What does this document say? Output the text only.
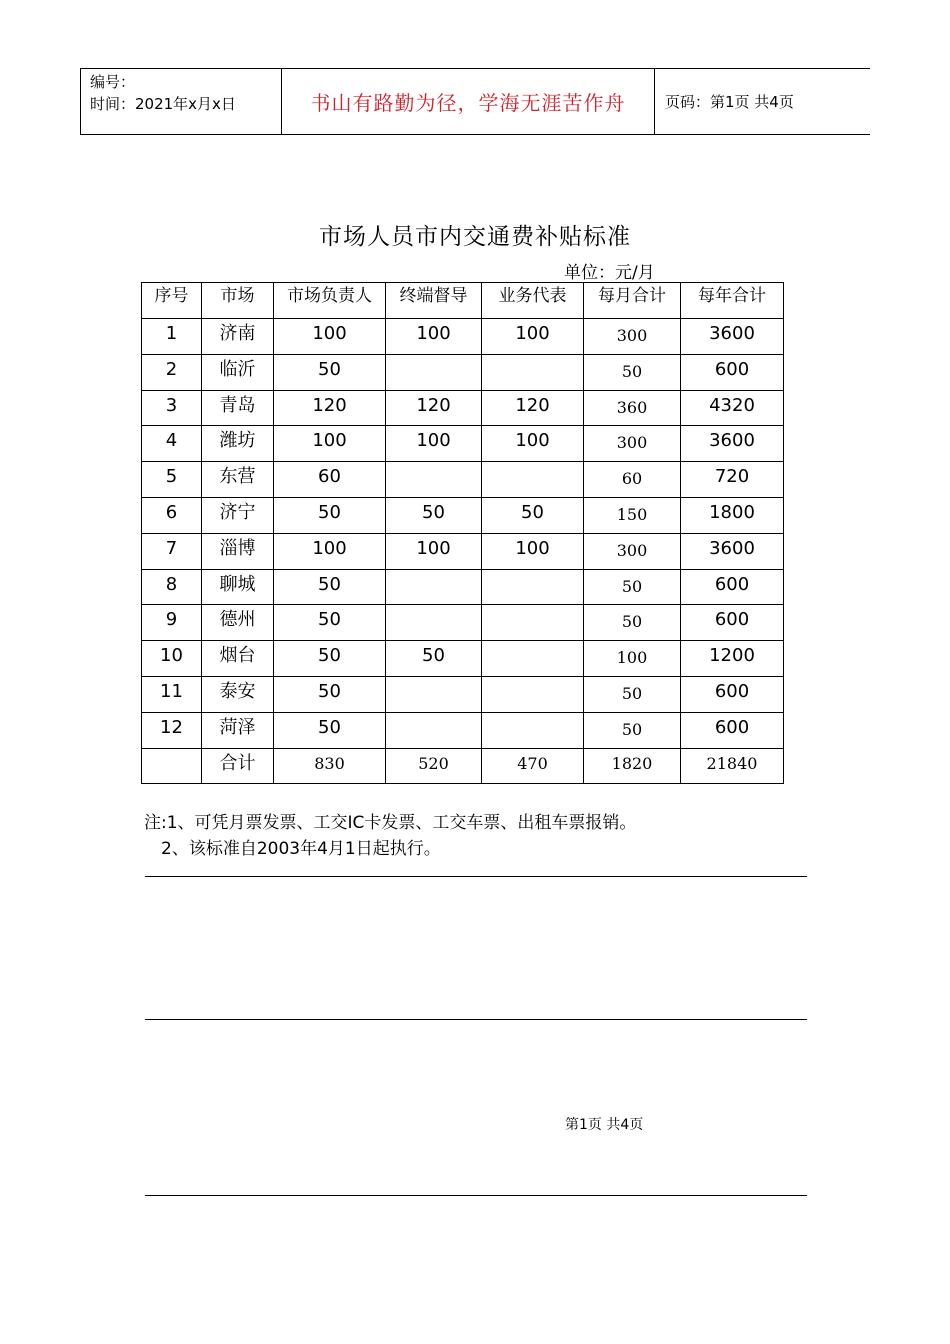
编号：
时间：2021年x月x日	书山有路勤为径，学海无涯苦作舟	页码：第1页 共4页
市场人员市内交通费补贴标准
单位：元/月
序号	市场	市场负责人	终端督导	业务代表	每月合计	每年合计
1	济南	100	100	100	300	3600
2	临沂	50			50	600
3	青岛	120	120	120	360	4320
4	潍坊	100	100	100	300	3600
5	东营	60			60	720
6	济宁	50	50	50	150	1800
7	淄博	100	100	100	300	3600
8	聊城	50			50	600
9	德州	50			50	600
10	烟台	50	50		100	1200
11	泰安	50			50	600
12	菏泽	50			50	600
	合计	830	520	470	1820	21840
注:1、可凭月票发票、工交IC卡发票、工交车票、出租车票报销。
2、该标准自2003年4月1日起执行。
第1页 共4页
